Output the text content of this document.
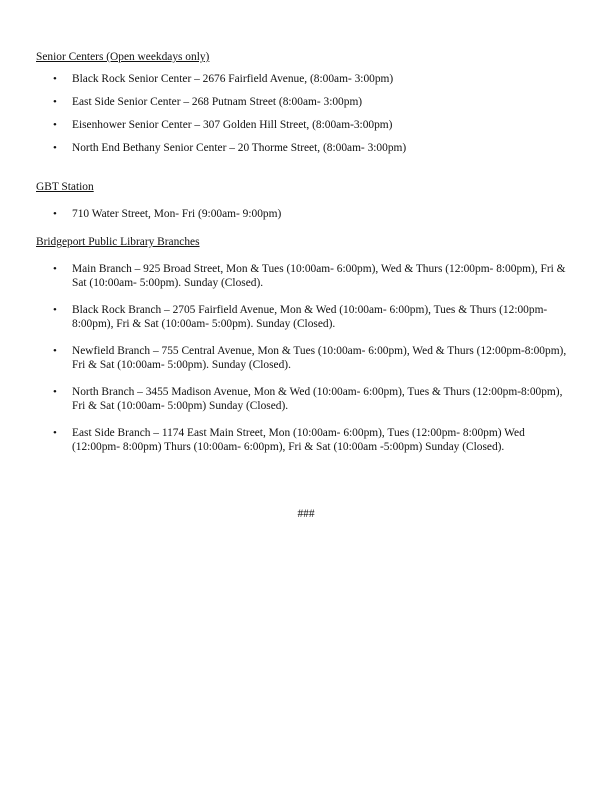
Senior Centers (Open weekdays only)
• Black Rock Senior Center – 2676 Fairfield Avenue, (8:00am- 3:00pm)
• East Side Senior Center – 268 Putnam Street (8:00am- 3:00pm)
• Eisenhower Senior Center – 307 Golden Hill Street, (8:00am-3:00pm)
• North End Bethany Senior Center – 20 Thorme Street, (8:00am- 3:00pm)
GBT Station
• 710 Water Street, Mon- Fri (9:00am- 9:00pm)
Bridgeport Public Library Branches
• Main Branch – 925 Broad Street, Mon & Tues (10:00am- 6:00pm), Wed & Thurs (12:00pm- 8:00pm), Fri & Sat (10:00am- 5:00pm). Sunday (Closed).
• Black Rock Branch – 2705 Fairfield Avenue, Mon & Wed (10:00am- 6:00pm), Tues & Thurs (12:00pm- 8:00pm), Fri & Sat (10:00am- 5:00pm). Sunday (Closed).
• Newfield Branch – 755 Central Avenue, Mon & Tues (10:00am- 6:00pm), Wed & Thurs (12:00pm-8:00pm), Fri & Sat (10:00am- 5:00pm). Sunday (Closed).
• North Branch – 3455 Madison Avenue, Mon & Wed (10:00am- 6:00pm), Tues & Thurs (12:00pm-8:00pm), Fri & Sat (10:00am- 5:00pm) Sunday (Closed).
• East Side Branch – 1174 East Main Street, Mon (10:00am- 6:00pm), Tues (12:00pm- 8:00pm) Wed (12:00pm- 8:00pm) Thurs (10:00am- 6:00pm), Fri & Sat (10:00am -5:00pm) Sunday (Closed).
###
